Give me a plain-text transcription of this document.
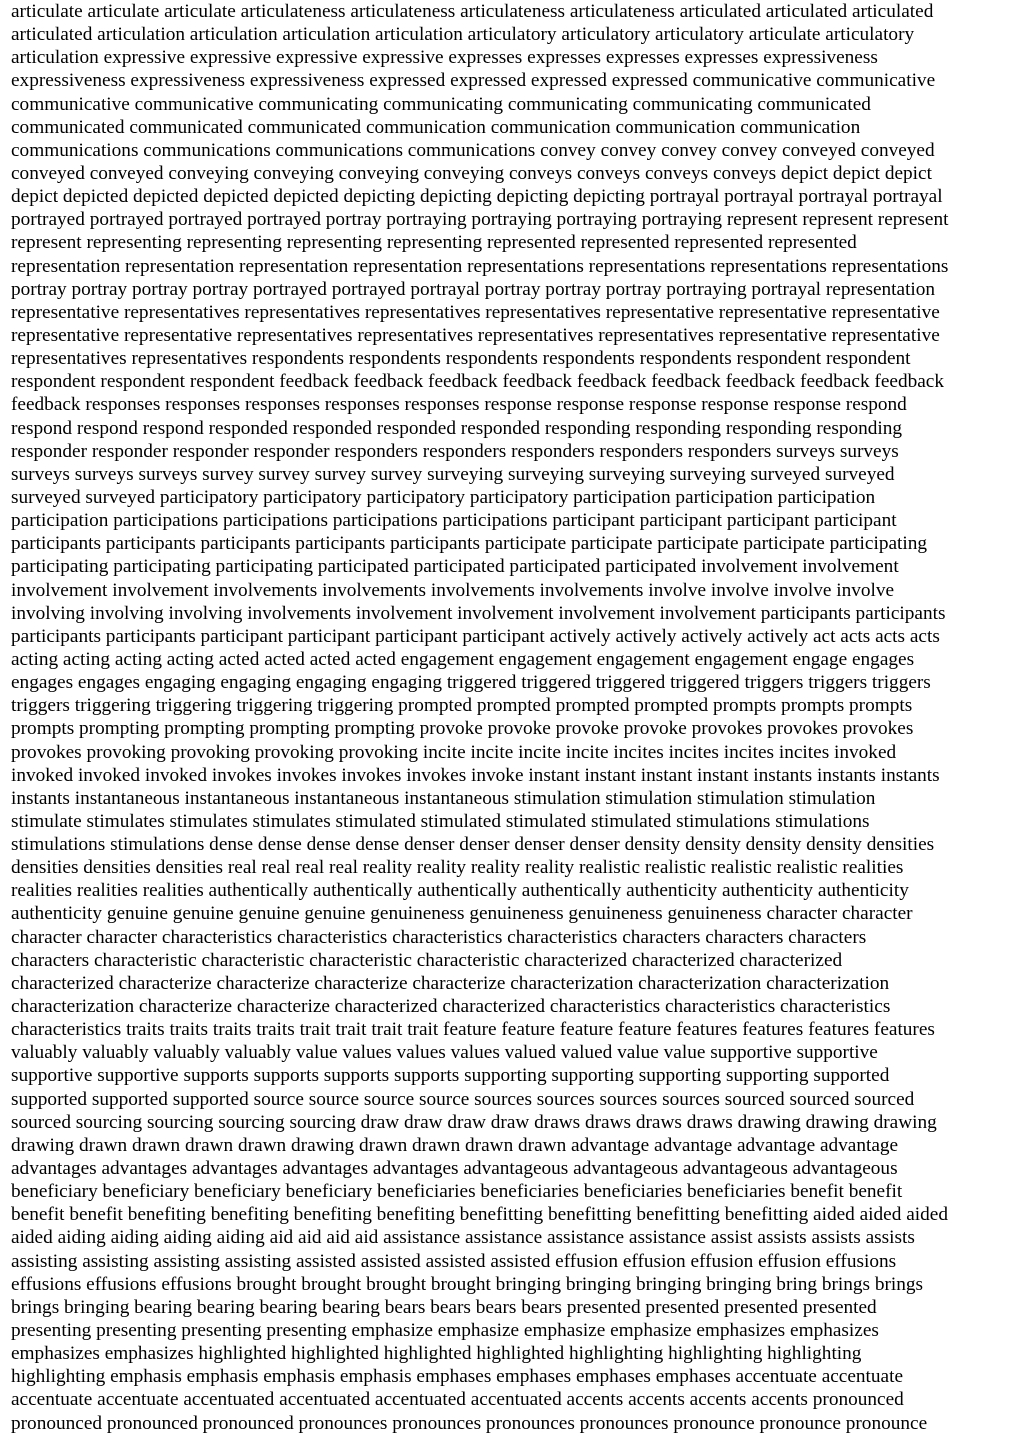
articulate articulate articulate articulateness articulateness articulateness articulateness articulated articulated articulated
articulated articulation articulation articulation articulation articulatory articulatory articulatory articulate articulatory
articulation expressive expressive expressive expressive expresses expresses expresses expresses expressiveness
expressiveness expressiveness expressiveness expressed expressed expressed expressed communicative communicative
communicative communicative communicating communicating communicating communicating communicated
communicated communicated communicated communication communication communication communication
communications communications communications communications convey convey convey convey conveyed conveyed
conveyed conveyed conveying conveying conveying conveying conveys conveys conveys conveys depict depict depict
depict depicted depicted depicted depicted depicting depicting depicting depicting portrayal portrayal portrayal portrayal
portrayed portrayed portrayed portrayed portray portraying portraying portraying portraying represent represent represent
represent representing representing representing representing represented represented represented represented
representation representation representation representation representations representations representations representations
portray portray portray portray portrayed portrayed portrayal portray portray portray portraying portrayal representation
representative representatives representatives representatives representatives representative representative representative
representative representative representatives representatives representatives representatives representative representative
representatives representatives respondents respondents respondents respondents respondents respondent respondent
respondent respondent respondent feedback feedback feedback feedback feedback feedback feedback feedback feedback
feedback responses responses responses responses responses response response response response response respond
respond respond respond responded responded responded responded responding responding responding responding
responder responder responder responder responders responders responders responders responders surveys surveys
surveys surveys surveys survey survey survey survey surveying surveying surveying surveying surveyed surveyed
surveyed surveyed participatory participatory participatory participatory participation participation participation
participation participations participations participations participations participant participant participant participant
participants participants participants participants participants participate participate participate participate participating
participating participating participating participated participated participated participated involvement involvement
involvement involvement involvements involvements involvements involvements involve involve involve involve
involving involving involving involvements involvement involvement involvement involvement participants participants
participants participants participant participant participant participant actively actively actively actively act acts acts acts
acting acting acting acting acted acted acted acted engagement engagement engagement engagement engage engages
engages engages engaging engaging engaging engaging triggered triggered triggered triggered triggers triggers triggers
triggers triggering triggering triggering triggering prompted prompted prompted prompted prompts prompts prompts
prompts prompting prompting prompting prompting provoke provoke provoke provoke provokes provokes provokes
provokes provoking provoking provoking provoking incite incite incite incite incites incites incites incites invoked
invoked invoked invoked invokes invokes invokes invokes invoke instant instant instant instant instants instants instants
instants instantaneous instantaneous instantaneous instantaneous stimulation stimulation stimulation stimulation
stimulate stimulates stimulates stimulates stimulated stimulated stimulated stimulated stimulations stimulations
stimulations stimulations dense dense dense dense denser denser denser denser density density density density densities
densities densities densities real real real real reality reality reality reality realistic realistic realistic realistic realities
realities realities realities authentically authentically authentically authentically authenticity authenticity authenticity
authenticity genuine genuine genuine genuine genuineness genuineness genuineness genuineness character character
character character characteristics characteristics characteristics characteristics characters characters characters
characters characteristic characteristic characteristic characteristic characterized characterized characterized
characterized characterize characterize characterize characterize characterization characterization characterization
characterization characterize characterize characterized characterized characteristics characteristics characteristics
characteristics traits traits traits traits trait trait trait trait feature feature feature feature features features features features
valuably valuably valuably valuably value values values values valued valued value value supportive supportive
supportive supportive supports supports supports supports supporting supporting supporting supporting supported
supported supported supported source source source source sources sources sources sources sourced sourced sourced
sourced sourcing sourcing sourcing sourcing draw draw draw draw draws draws draws draws drawing drawing drawing
drawing drawn drawn drawn drawn drawing drawn drawn drawn drawn advantage advantage advantage advantage
advantages advantages advantages advantages advantages advantageous advantageous advantageous advantageous
beneficiary beneficiary beneficiary beneficiary beneficiaries beneficiaries beneficiaries beneficiaries benefit benefit
benefit benefit benefiting benefiting benefiting benefiting benefitting benefitting benefitting benefitting aided aided aided
aided aiding aiding aiding aiding aid aid aid aid assistance assistance assistance assistance assist assists assists assists
assisting assisting assisting assisting assisted assisted assisted assisted effusion effusion effusion effusion effusions
effusions effusions effusions brought brought brought brought bringing bringing bringing bringing bring brings brings
brings bringing bearing bearing bearing bearing bears bears bears bears presented presented presented presented
presenting presenting presenting presenting emphasize emphasize emphasize emphasize emphasizes emphasizes
emphasizes emphasizes highlighted highlighted highlighted highlighted highlighting highlighting highlighting
highlighting emphasis emphasis emphasis emphasis emphases emphases emphases emphases accentuate accentuate
accentuate accentuate accentuated accentuated accentuated accentuated accents accents accents accents pronounced
pronounced pronounced pronounced pronounces pronounces pronounces pronounces pronounce pronounce pronounce
